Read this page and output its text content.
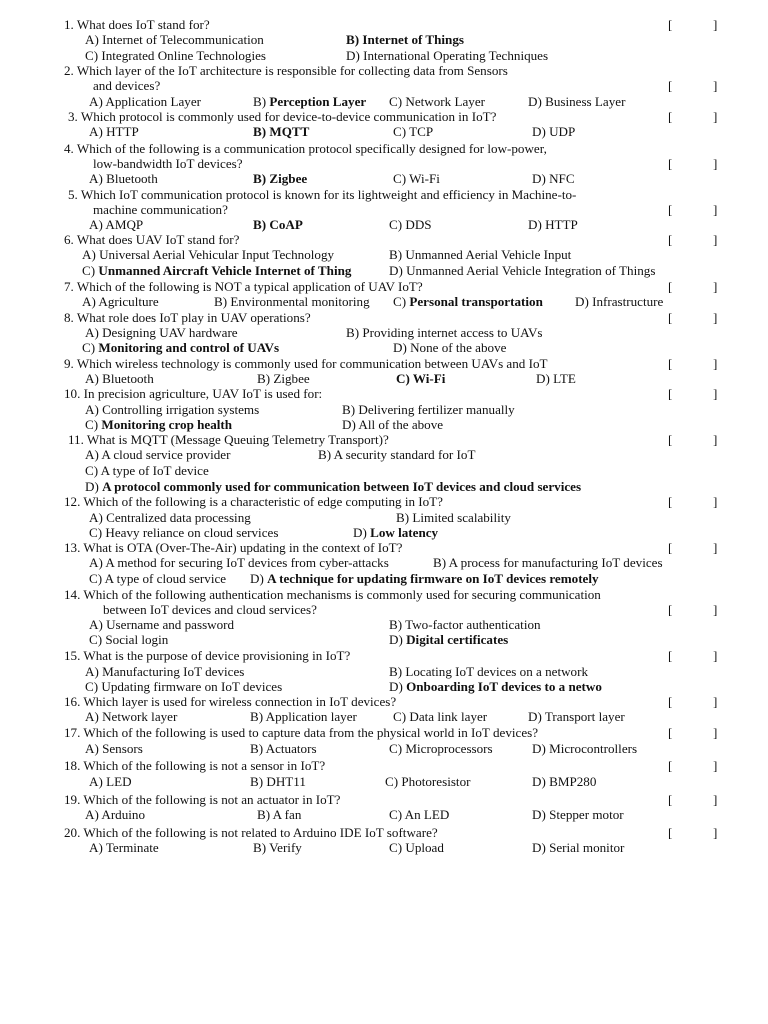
1. What does IoT stand for?	[	]
A) Internet of Telecommunication	B) Internet of Things
C) Integrated Online Technologies	D) International Operating Techniques
2. Which layer of the IoT architecture is responsible for collecting data from Sensors
and devices?	[	]
A) Application Layer	B) Perception Layer C) Network Layer	D) Business Layer
3. Which protocol is commonly used for device-to-device communication in IoT?	[	]
A) HTTP	B) MQTT	C) TCP	D) UDP
4. Which of the following is a communication protocol specifically designed for low-power,
low-bandwidth IoT devices?	[	]
A) Bluetooth	B) Zigbee	C) Wi-Fi	D) NFC
5. Which IoT communication protocol is known for its lightweight and efficiency in Machine-to-
machine communication?	[	]
A) AMQP	B) CoAP	C) DDS	D) HTTP
6. What does UAV IoT stand for?	[	]
A) Universal Aerial Vehicular Input Technology	B) Unmanned Aerial Vehicle Input
C) Unmanned Aircraft Vehicle Internet of Thing	D) Unmanned Aerial Vehicle Integration of Things
7. Which of the following is NOT a typical application of UAV IoT?	[	]
A) Agriculture	B) Environmental monitoring C) Personal transportation D) Infrastructure
8. What role does IoT play in UAV operations?	[	]
A) Designing UAV hardware	B) Providing internet access to UAVs
C) Monitoring and control of UAVs	D) None of the above
9. Which wireless technology is commonly used for communication between UAVs and IoT	[	]
A) Bluetooth	B) Zigbee	C) Wi-Fi	D) LTE
10. In precision agriculture, UAV IoT is used for:	[	]
A) Controlling irrigation systems	B) Delivering fertilizer manually
C) Monitoring crop health	D) All of the above
11. What is MQTT (Message Queuing Telemetry Transport)?	[	]
A) A cloud service provider	B) A security standard for IoT
C) A type of IoT device
D) A protocol commonly used for communication between IoT devices and cloud services
12. Which of the following is a characteristic of edge computing in IoT?	[	]
A) Centralized data processing	B) Limited scalability
C) Heavy reliance on cloud services	D) Low latency
13. What is OTA (Over-The-Air) updating in the context of IoT?	[	]
A) A method for securing IoT devices from cyber-attacks	B) A process for manufacturing IoT devices
C) A type of cloud service D) A technique for updating firmware on IoT devices remotely
14. Which of the following authentication mechanisms is commonly used for securing communication
between IoT devices and cloud services?	[	]
A) Username and password	B) Two-factor authentication
C) Social login	D) Digital certificates
15. What is the purpose of device provisioning in IoT?	[	]
A) Manufacturing IoT devices	B) Locating IoT devices on a network
C) Updating firmware on IoT devices	D) Onboarding IoT devices to a netwo
16. Which layer is used for wireless connection in IoT devices?	[	]
A) Network layer	B) Application layer	C) Data link layer	D) Transport layer
17. Which of the following is used to capture data from the physical world in IoT devices?	[	]
A) Sensors	B) Actuators	C) Microprocessors	D) Microcontrollers
18. Which of the following is not a sensor in IoT?	[	]
A) LED	B) DHT11	C) Photoresistor	D) BMP280
19. Which of the following is not an actuator in IoT?	[	]
A) Arduino	B) A fan	C) An LED	D) Stepper motor
20. Which of the following is not related to Arduino IDE IoT software?	[	]
A) Terminate	B) Verify	C) Upload	D) Serial monitor
